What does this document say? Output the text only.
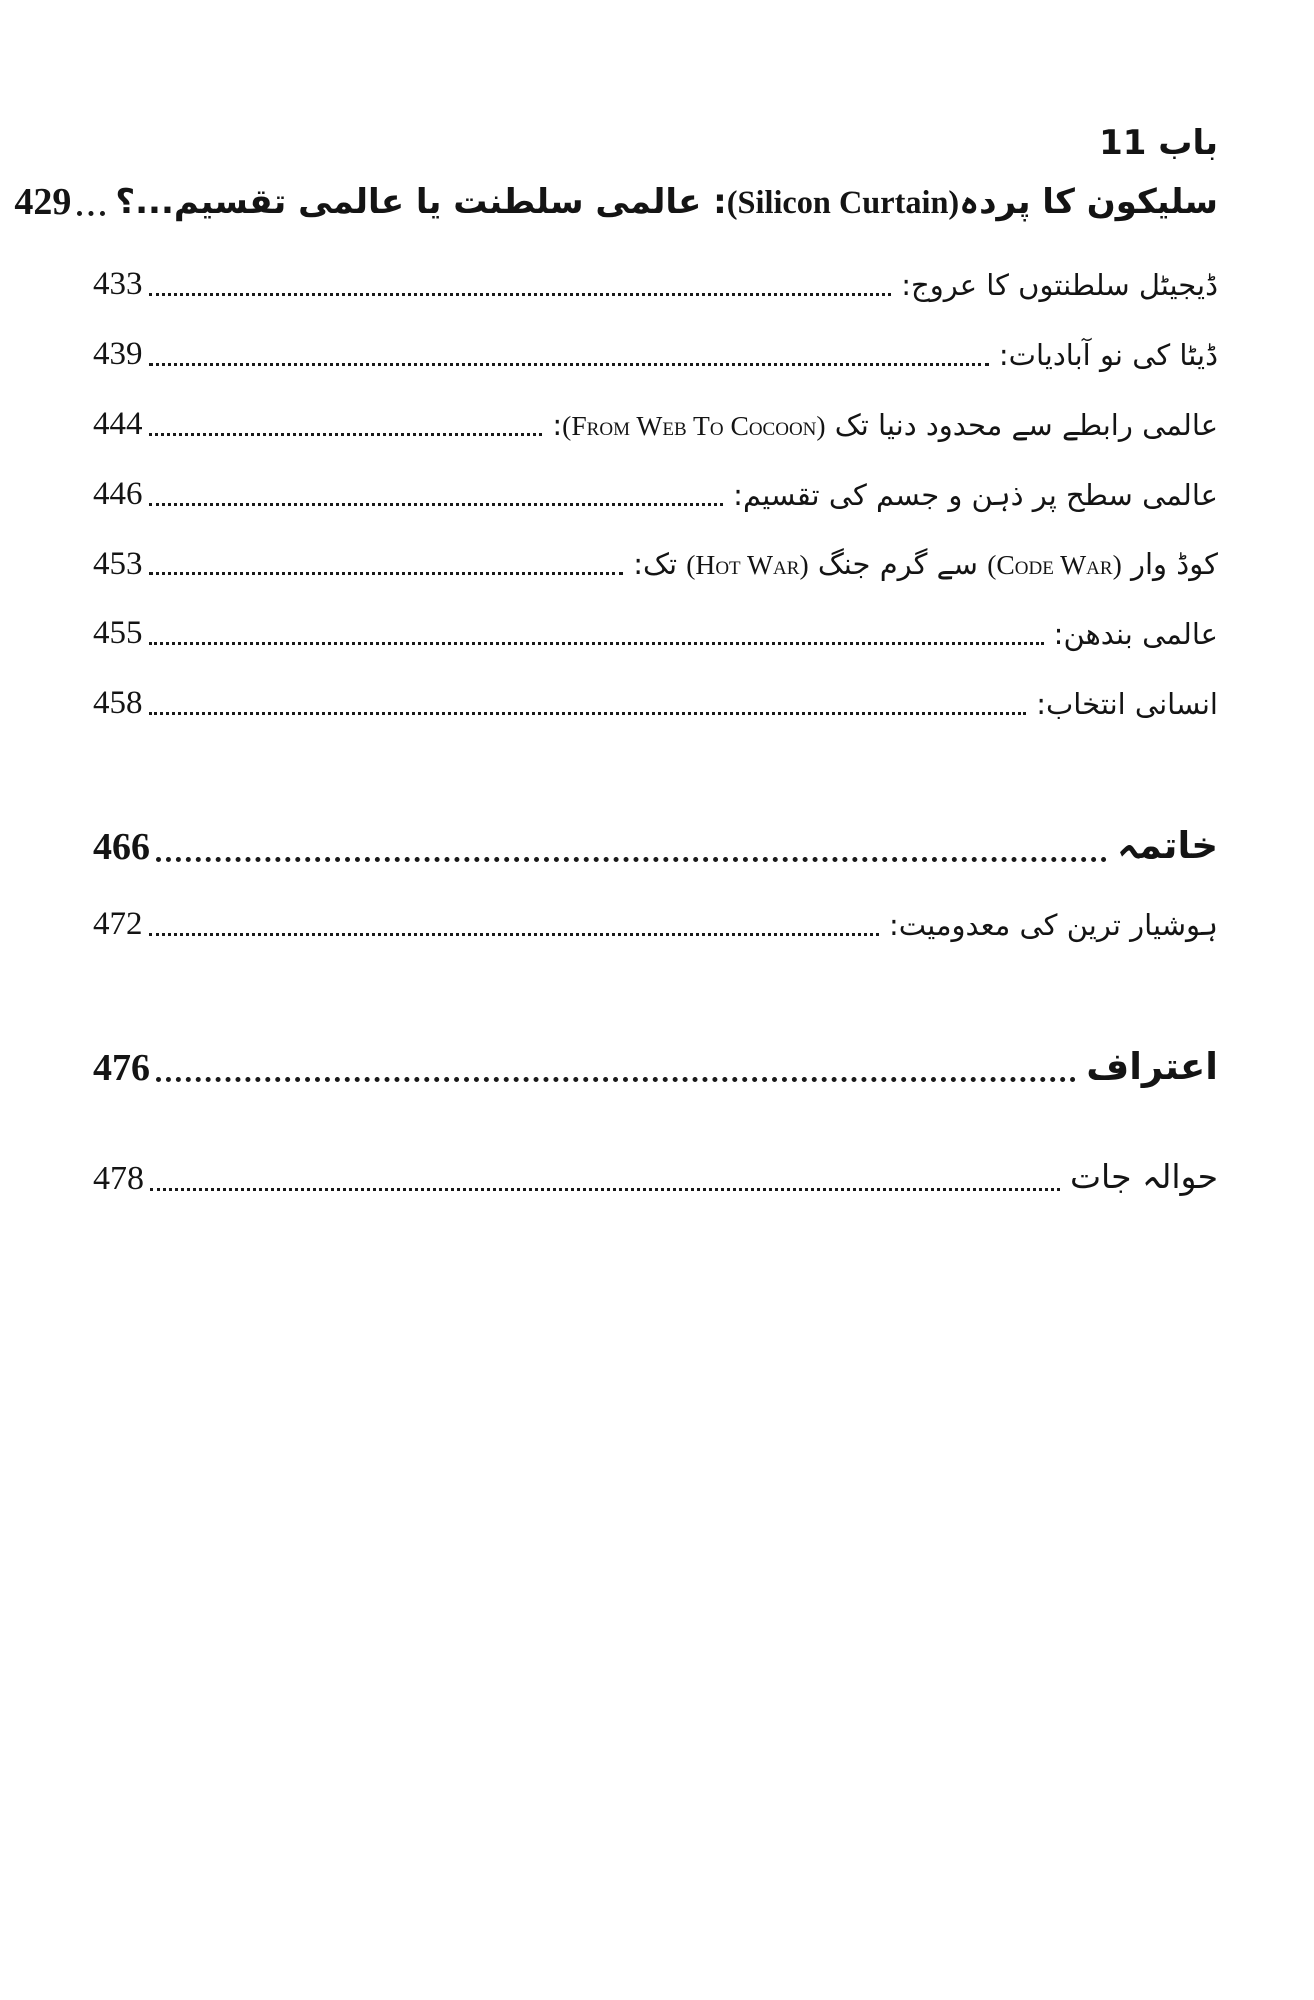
باب 11
سلیکون کا پردہ(Silicon Curtain): عالمی سلطنت یا عالمی تقسیم...؟
429
ڈیجیٹل سلطنتوں کا عروج:
433
ڈیٹا کی نو آبادیات:
439
عالمی رابطے سے محدود دنیا تک (From Web To Cocoon):
444
عالمی سطح پر ذہن و جسم کی تقسیم:
446
کوڈ وار (Code War) سے گرم جنگ (Hot War) تک:
453
عالمی بندھن:
455
انسانی انتخاب:
458
خاتمہ
466
ہوشیار ترین کی معدومیت:
472
اعتراف
476
حوالہ جات
478
